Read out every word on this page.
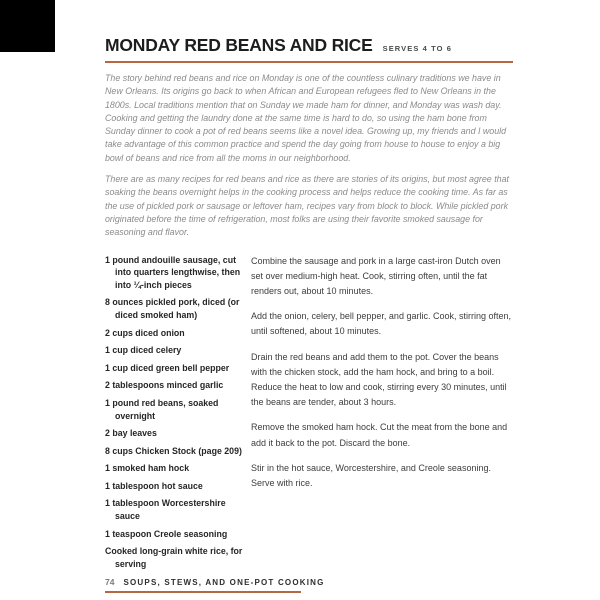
MONDAY RED BEANS AND RICE SERVES 4 TO 6

The story behind red beans and rice on Monday is one of the countless culinary traditions we have in New Orleans. Its origins go back to when African and European refugees fled to New Orleans in the 1800s. Local traditions mention that on Sunday we made ham for dinner, and Monday was wash day. Cooking and getting the laundry done at the same time is hard to do, so using the ham bone from Sunday dinner to cook a pot of red beans seems like a novel idea. Growing up, my friends and I would take advantage of this common practice and spend the day going from house to house to enjoy a big bowl of beans and rice from all the moms in our neighborhood.

There are as many recipes for red beans and rice as there are stories of its origins, but most agree that soaking the beans overnight helps in the cooking process and helps reduce the cooking time. As far as the use of pickled pork or sausage or leftover ham, recipes vary from block to block. While pickled pork originated before the time of refrigeration, most folks are using their favorite smoked sausage for seasoning and flavor.

1 pound andouille sausage, cut into quarters lengthwise, then into ¼-inch pieces
8 ounces pickled pork, diced (or diced smoked ham)
2 cups diced onion
1 cup diced celery
1 cup diced green bell pepper
2 tablespoons minced garlic
1 pound red beans, soaked overnight
2 bay leaves
8 cups Chicken Stock (page 209)
1 smoked ham hock
1 tablespoon hot sauce
1 tablespoon Worcestershire sauce
1 teaspoon Creole seasoning
Cooked long-grain white rice, for serving

Combine the sausage and pork in a large cast-iron Dutch oven set over medium-high heat. Cook, stirring often, until the fat renders out, about 10 minutes.

Add the onion, celery, bell pepper, and garlic. Cook, stirring often, until softened, about 10 minutes.

Drain the red beans and add them to the pot. Cover the beans with the chicken stock, add the ham hock, and bring to a boil. Reduce the heat to low and cook, stirring every 30 minutes, until the beans are tender, about 3 hours.

Remove the smoked ham hock. Cut the meat from the bone and add it back to the pot. Discard the bone.

Stir in the hot sauce, Worcestershire, and Creole seasoning. Serve with rice.

74 SOUPS, STEWS, AND ONE-POT COOKING
